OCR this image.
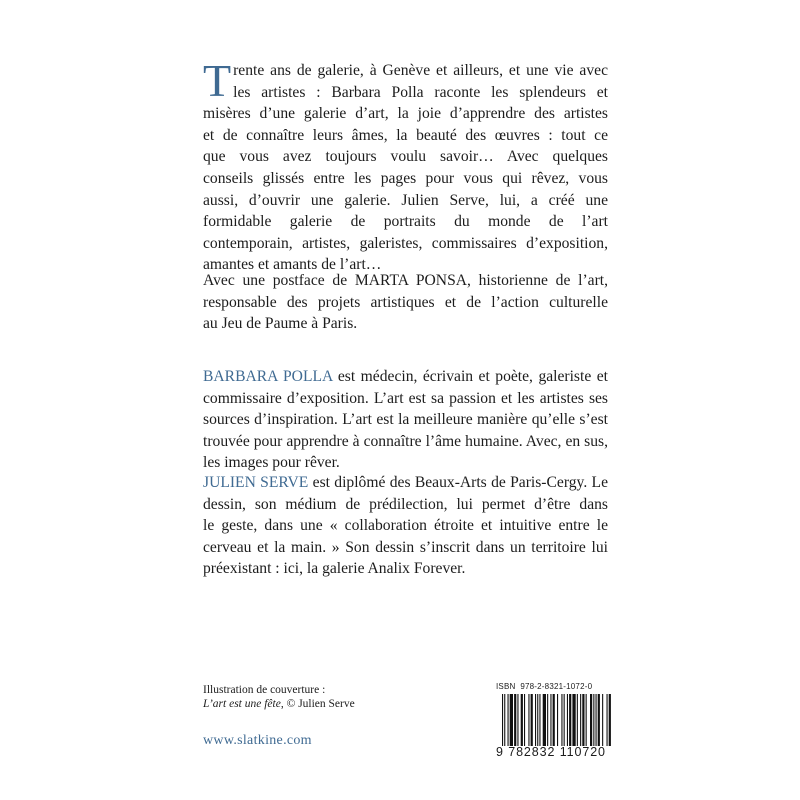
T rente ans de galerie, à Genève et ailleurs, et une vie avec
les artistes : Barbara Polla raconte les splendeurs et
misères d’une galerie d’art, la joie d’apprendre des artistes
et de connaître leurs âmes, la beauté des œuvres : tout ce
que vous avez toujours voulu savoir… Avec quelques
conseils glissés entre les pages pour vous qui rêvez, vous
aussi, d’ouvrir une galerie. Julien Serve, lui, a créé une
formidable galerie de portraits du monde de l’art
contemporain, artistes, galeristes, commissaires d’exposition,
amantes et amants de l’art…
Avec une postface de MARTA PONSA, historienne de l’art,
responsable des projets artistiques et de l’action culturelle
au Jeu de Paume à Paris.
BARBARA POLLA est médecin, écrivain et poète, galeriste et
commissaire d’exposition. L’art est sa passion et les artistes ses
sources d’inspiration. L’art est la meilleure manière qu’elle s’est
trouvée pour apprendre à connaître l’âme humaine. Avec, en sus,
les images pour rêver.
JULIEN SERVE est diplômé des Beaux-Arts de Paris-Cergy. Le
dessin, son médium de prédilection, lui permet d’être dans
le geste, dans une « collaboration étroite et intuitive entre le
cerveau et la main. » Son dessin s’inscrit dans un territoire lui
préexistant : ici, la galerie Analix Forever.
Illustration de couverture :
L’art est une fête, © Julien Serve
www.slatkine.com
ISBN 978-2-8321-1072-0
9 782832 110720
